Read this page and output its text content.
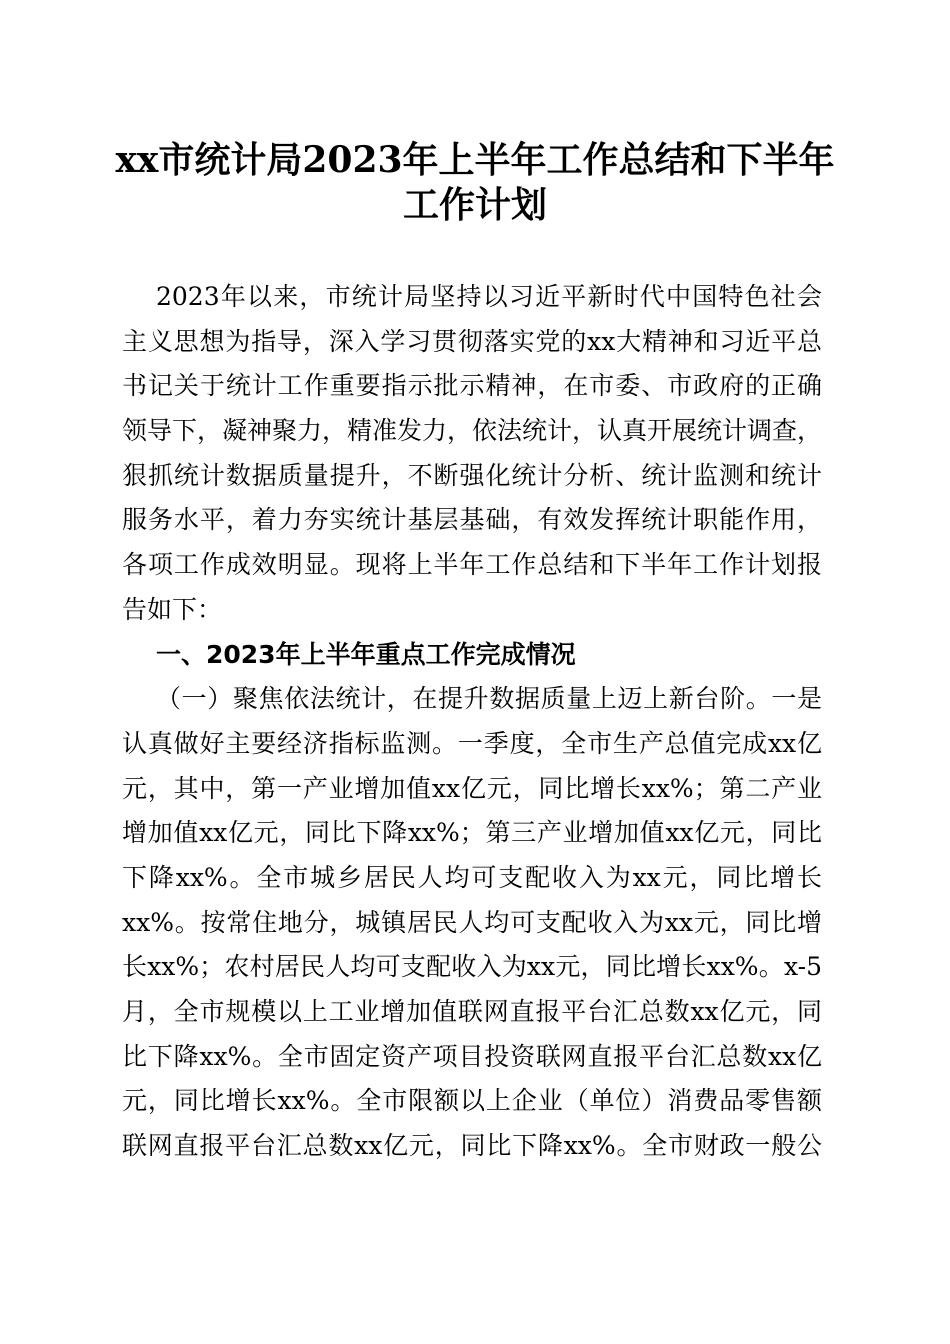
xx市统计局2023年上半年工作总结和下半年
工作计划
2023年以来，市统计局坚持以习近平新时代中国特色社会
主义思想为指导，深入学习贯彻落实党的xx大精神和习近平总
书记关于统计工作重要指示批示精神，在市委、市政府的正确
领导下，凝神聚力，精准发力，依法统计，认真开展统计调查，
狠抓统计数据质量提升，不断强化统计分析、统计监测和统计
服务水平，着力夯实统计基层基础，有效发挥统计职能作用，
各项工作成效明显。现将上半年工作总结和下半年工作计划报
告如下：
一、2023年上半年重点工作完成情况
（一）聚焦依法统计，在提升数据质量上迈上新台阶。一是
认真做好主要经济指标监测。一季度，全市生产总值完成xx亿
元，其中，第一产业增加值xx亿元，同比增长xx%；第二产业
增加值xx亿元，同比下降xx%；第三产业增加值xx亿元，同比
下降xx%。全市城乡居民人均可支配收入为xx元，同比增长
xx%。按常住地分，城镇居民人均可支配收入为xx元，同比增
长xx%；农村居民人均可支配收入为xx元，同比增长xx%。x-5
月，全市规模以上工业增加值联网直报平台汇总数xx亿元，同
比下降xx%。全市固定资产项目投资联网直报平台汇总数xx亿
元，同比增长xx%。全市限额以上企业（单位）消费品零售额
联网直报平台汇总数xx亿元，同比下降xx%。全市财政一般公
